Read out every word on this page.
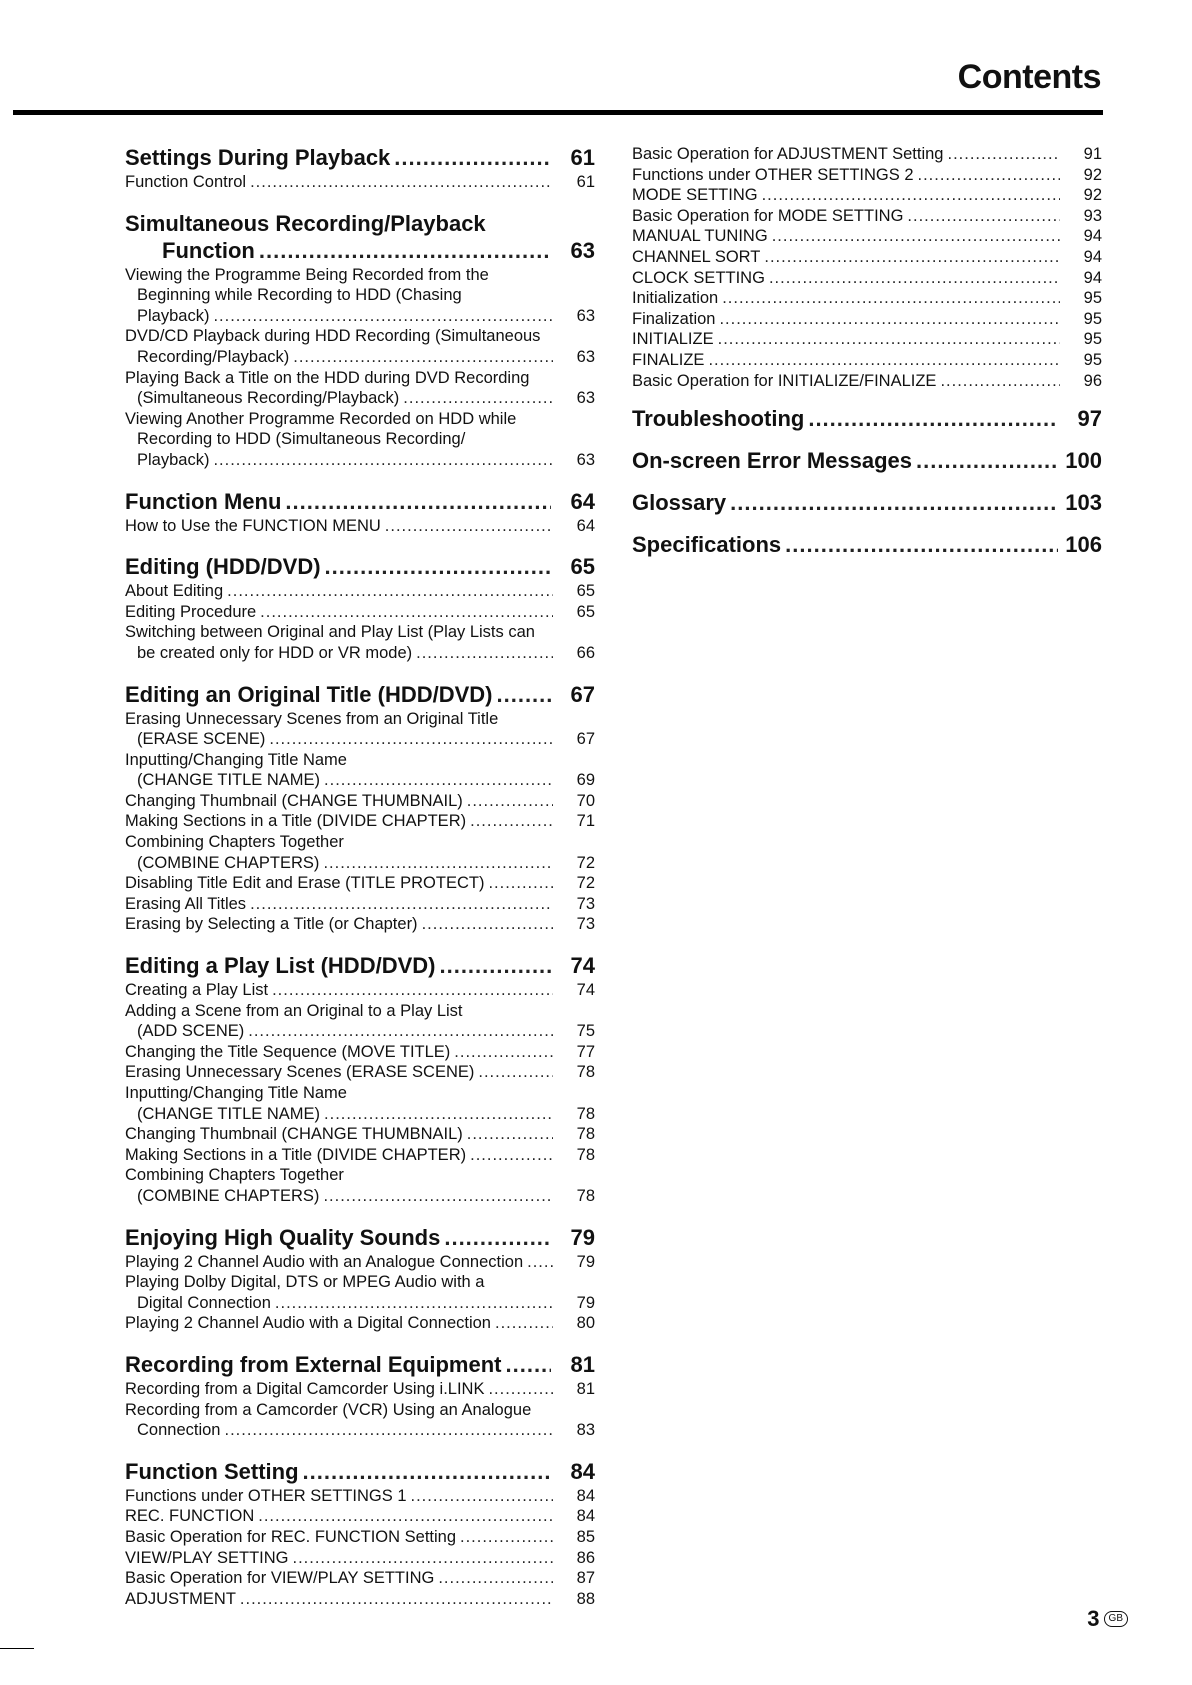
Contents
Settings During Playback .....	61
Function Control .....	61
Simultaneous Recording/Playback
Function .....	63
Viewing the Programme Being Recorded from the
Beginning while Recording to HDD (Chasing
Playback) .....	63
DVD/CD Playback during HDD Recording (Simultaneous
Recording/Playback) .....	63
Playing Back a Title on the HDD during DVD Recording
(Simultaneous Recording/Playback) .....	63
Viewing Another Programme Recorded on HDD while
Recording to HDD (Simultaneous Recording/
Playback) .....	63
Function Menu .....	64
How to Use the FUNCTION MENU .....	64
Editing (HDD/DVD) .....	65
About Editing .....	65
Editing Procedure .....	65
Switching between Original and Play List (Play Lists can
be created only for HDD or VR mode) .....	66
Editing an Original Title (HDD/DVD) .....	67
Erasing Unnecessary Scenes from an Original Title
(ERASE SCENE) .....	67
Inputting/Changing Title Name
(CHANGE TITLE NAME) .....	69
Changing Thumbnail (CHANGE THUMBNAIL) .....	70
Making Sections in a Title (DIVIDE CHAPTER) .....	71
Combining Chapters Together
(COMBINE CHAPTERS) .....	72
Disabling Title Edit and Erase (TITLE PROTECT) .....	72
Erasing All Titles .....	73
Erasing by Selecting a Title (or Chapter) .....	73
Editing a Play List (HDD/DVD) .....	74
Creating a Play List .....	74
Adding a Scene from an Original to a Play List
(ADD SCENE) .....	75
Changing the Title Sequence (MOVE TITLE) .....	77
Erasing Unnecessary Scenes (ERASE SCENE) .....	78
Inputting/Changing Title Name
(CHANGE TITLE NAME) .....	78
Changing Thumbnail (CHANGE THUMBNAIL) .....	78
Making Sections in a Title (DIVIDE CHAPTER) .....	78
Combining Chapters Together
(COMBINE CHAPTERS) .....	78
Enjoying High Quality Sounds .....	79
Playing 2 Channel Audio with an Analogue Connection .....	79
Playing Dolby Digital, DTS or MPEG Audio with a
Digital Connection .....	79
Playing 2 Channel Audio with a Digital Connection .....	80
Recording from External Equipment .....	81
Recording from a Digital Camcorder Using i.LINK .....	81
Recording from a Camcorder (VCR) Using an Analogue
Connection .....	83
Function Setting .....	84
Functions under OTHER SETTINGS 1 .....	84
REC. FUNCTION .....	84
Basic Operation for REC. FUNCTION Setting .....	85
VIEW/PLAY SETTING .....	86
Basic Operation for VIEW/PLAY SETTING .....	87
ADJUSTMENT .....	88
Basic Operation for ADJUSTMENT Setting .....	91
Functions under OTHER SETTINGS 2 .....	92
MODE SETTING .....	92
Basic Operation for MODE SETTING .....	93
MANUAL TUNING .....	94
CHANNEL SORT .....	94
CLOCK SETTING .....	94
Initialization .....	95
Finalization .....	95
INITIALIZE .....	95
FINALIZE .....	95
Basic Operation for INITIALIZE/FINALIZE .....	96
Troubleshooting .....	97
On-screen Error Messages .....	100
Glossary .....	103
Specifications .....	106
3 GB
